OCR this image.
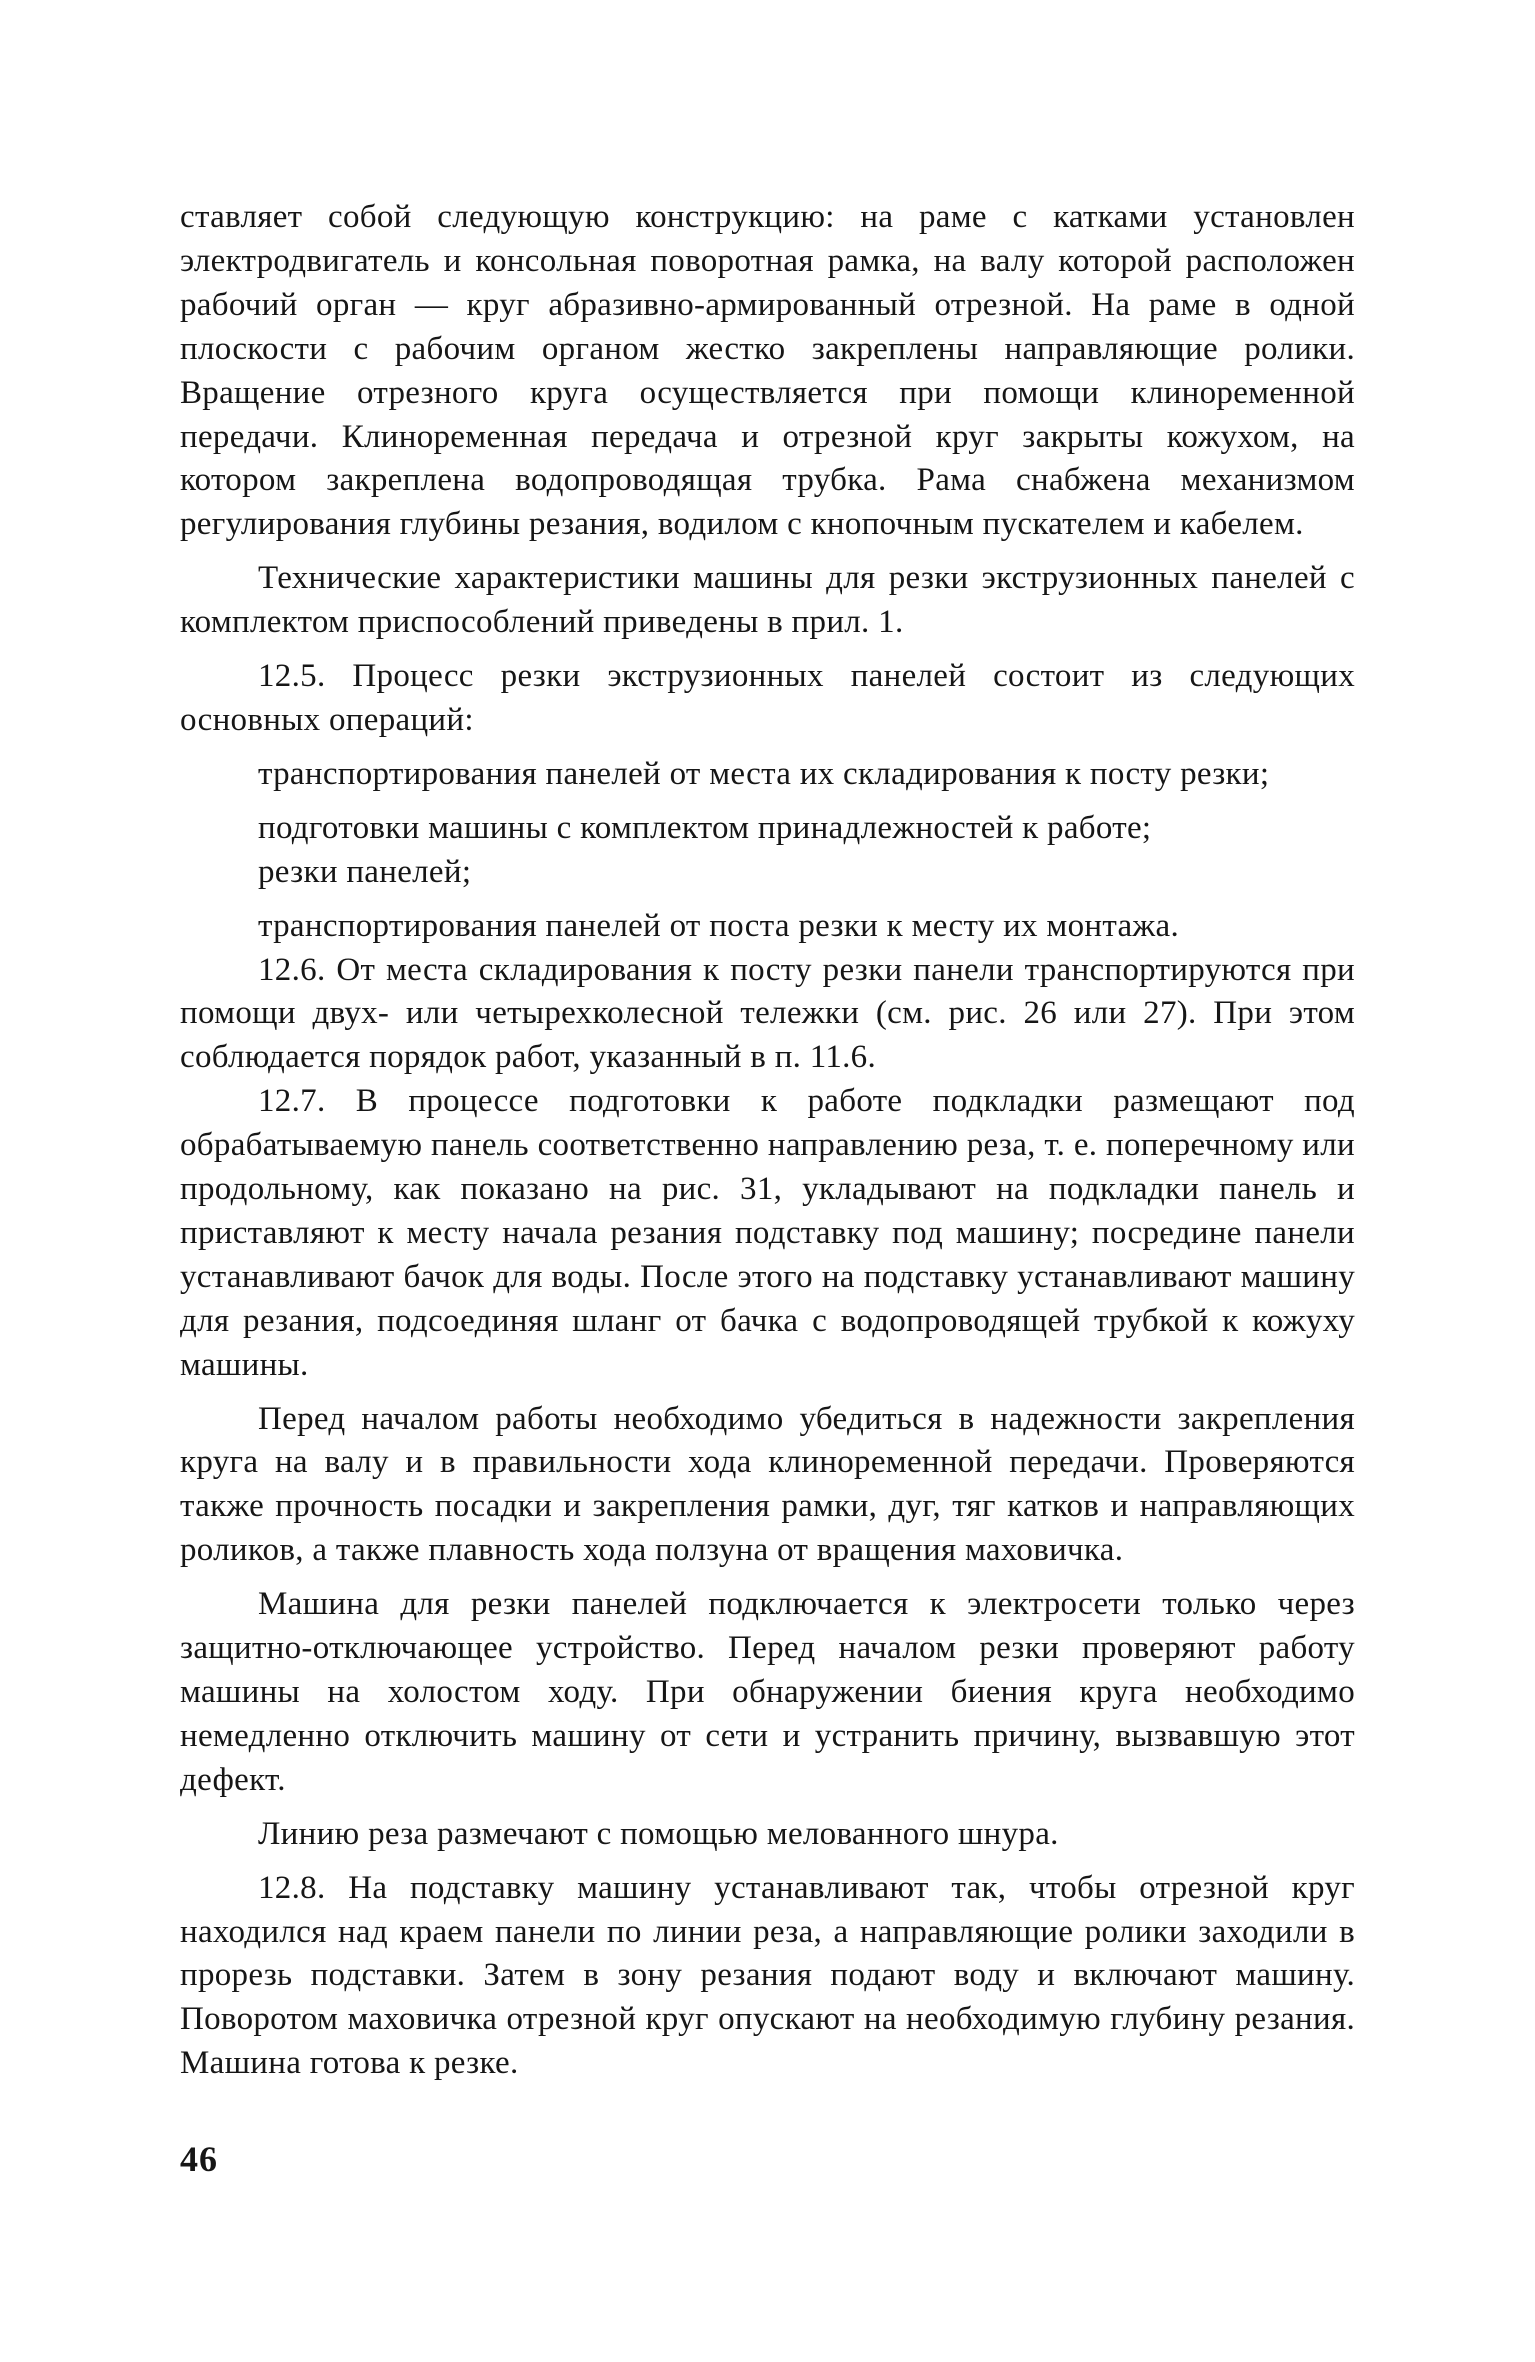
ставляет собой следующую конструкцию: на раме с катками установлен электродвигатель и консольная поворотная рамка, на валу которой расположен рабочий орган — круг абразивно-армированный отрезной. На раме в одной плоскости с рабочим органом жестко закреплены направляющие ролики. Вращение отрезного круга осуществляется при помощи клиноременной передачи. Клиноременная передача и отрезной круг закрыты кожухом, на котором закреплена водопроводящая трубка. Рама снабжена механизмом регулирования глубины резания, водилом с кнопочным пускателем и кабелем.

Технические характеристики машины для резки экструзионных панелей с комплектом приспособлений приведены в прил. 1.

12.5. Процесс резки экструзионных панелей состоит из следующих основных операций:

транспортирования панелей от места их складирования к посту резки;

подготовки машины с комплектом принадлежностей к работе;

резки панелей;

транспортирования панелей от поста резки к месту их монтажа.

12.6. От места складирования к посту резки панели транспортируются при помощи двух- или четырехколесной тележки (см. рис. 26 или 27). При этом соблюдается порядок работ, указанный в п. 11.6.

12.7. В процессе подготовки к работе подкладки размещают под обрабатываемую панель соответственно направлению реза, т. е. поперечному или продольному, как показано на рис. 31, укладывают на подкладки панель и приставляют к месту начала резания подставку под машину; посредине панели устанавливают бачок для воды. После этого на подставку устанавливают машину для резания, подсоединяя шланг от бачка с водопроводящей трубкой к кожуху машины.

Перед началом работы необходимо убедиться в надежности закрепления круга на валу и в правильности хода клиноременной передачи. Проверяются также прочность посадки и закрепления рамки, дуг, тяг катков и направляющих роликов, а также плавность хода ползуна от вращения маховичка.

Машина для резки панелей подключается к электросети только через защитно-отключающее устройство. Перед началом резки проверяют работу машины на холостом ходу. При обнаружении биения круга необходимо немедленно отключить машину от сети и устранить причину, вызвавшую этот дефект.

Линию реза размечают с помощью мелованного шнура.

12.8. На подставку машину устанавливают так, чтобы отрезной круг находился над краем панели по линии реза, а направляющие ролики заходили в прорезь подставки. Затем в зону резания подают воду и включают машину. Поворотом маховичка отрезной круг опускают на необходимую глубину резания. Машина готова к резке.

46
